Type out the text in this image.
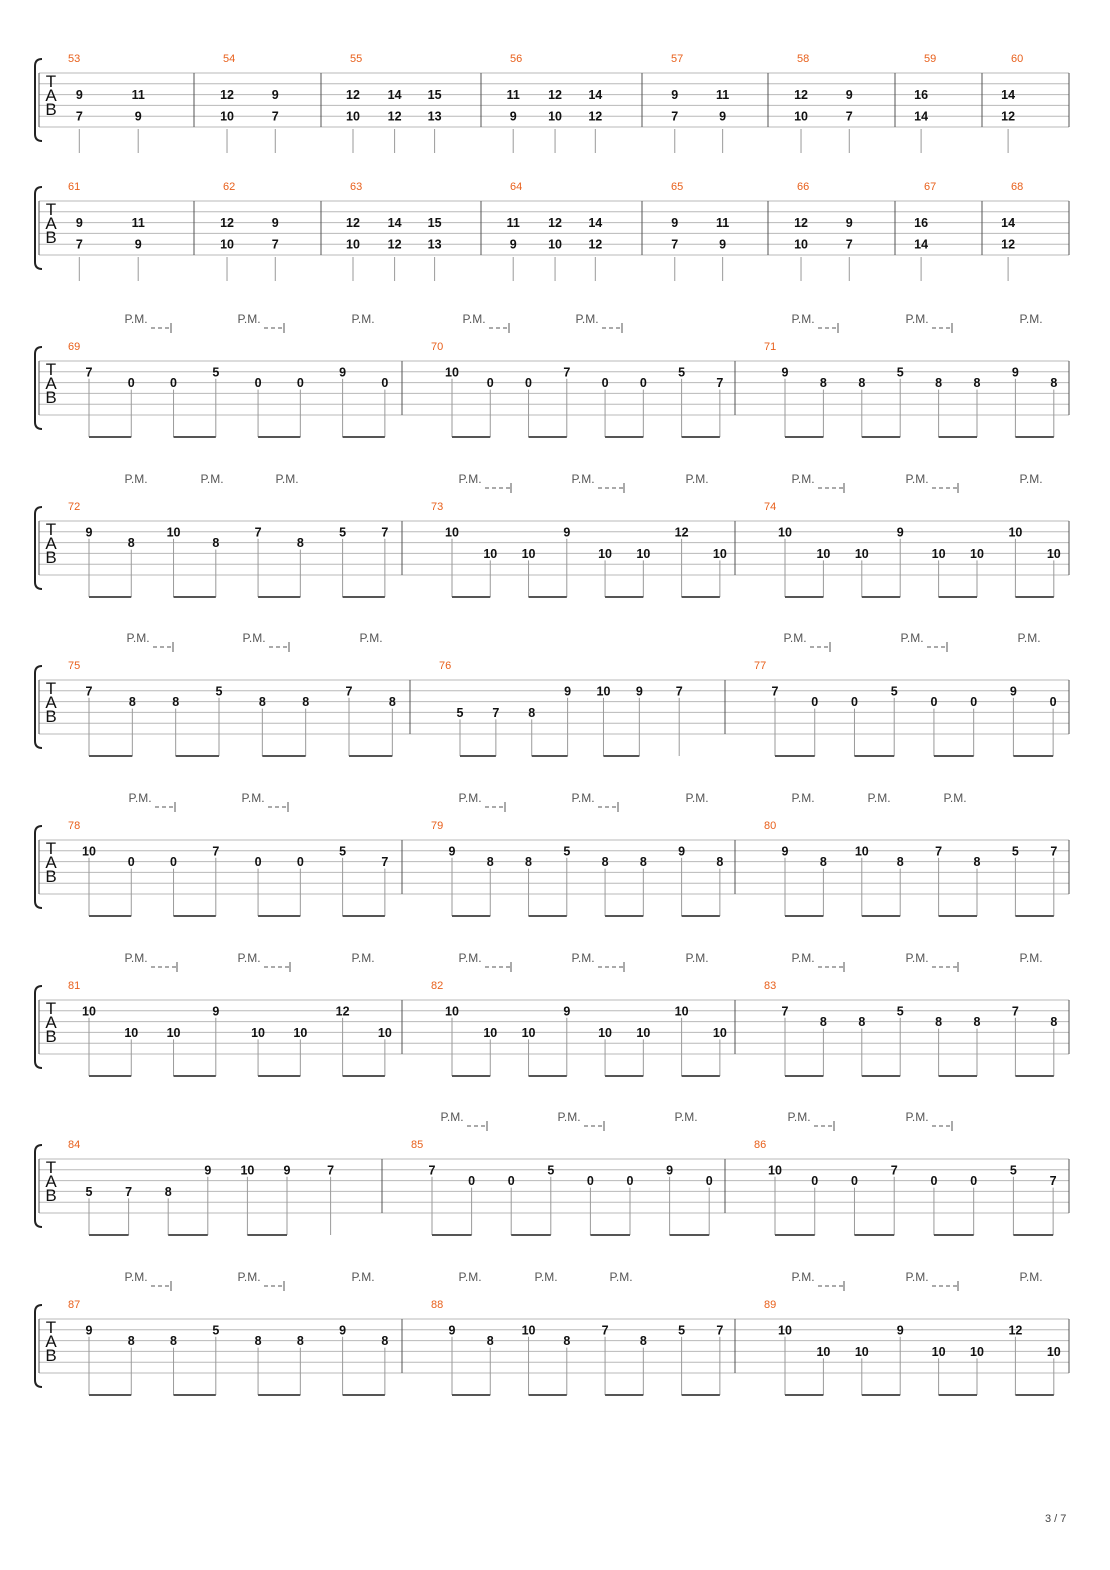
T
A
B
53
9
7
11
9
54
12
10
9
7
55
12
10
14
12
15
13
56
11
9
12
10
14
12
57
9
7
11
9
58
12
10
9
7
59
16
14
60
14
12
T
A
B
61
9
7
11
9
62
12
10
9
7
63
12
10
14
12
15
13
64
11
9
12
10
14
12
65
9
7
11
9
66
12
10
9
7
67
16
14
68
14
12
T
A
B
69
7
0	0
5
0	0
9
0
70
10
0	0
7
0	0
5
7
71
9
8	8
5
8	8
9
8
P.M.	P.M.	P.M.	P.M.	P.M.	P.M.	P.M.	P.M.
T
A
B
72
9
8
10
8
7
8
5	7
73
10
10 10
9
10 10
12
10
74
10
10 10
9
10 10
10
10
P.M.	P.M.	P.M.	P.M.	P.M.	P.M.	P.M.	P.M.	P.M.
T
A
B
75
7
8	8
5
8	8
7
8
76
5 7 8
9 10 9	7
77
7
0	0
5
0	0
9
0
P.M.	P.M.	P.M.	P.M.	P.M.	P.M.
T
A
B
78
10
0	0
7
0	0
5
7
79
9
8	8
5
8	8
9
8
80
9
8
10
8
7
8
5	7
P.M.	P.M.	P.M.	P.M.	P.M.	P.M.	P.M.	P.M.
T
A
B
81
10
10 10
9
10 10
12
10
82
10
10 10
9
10 10
10
10
83
7
8	8
5
8	8
7
8
P.M.	P.M.	P.M.	P.M.	P.M.	P.M.	P.M.	P.M.	P.M.
T
A
B
84
5	7	8
9 10 9	7
85
7
0	0
5
0	0
9
0
86
10
0	0
7
0	0
5
7
P.M.	P.M.	P.M.	P.M.	P.M.
T
A
B
87
9
8	8
5
8	8
9
8
88
9
8
10
8
7
8
5	7
89
10
10 10
9
10 10
12
10
P.M.	P.M.	P.M.	P.M.	P.M.	P.M.	P.M.	P.M.	P.M.
3 / 7
